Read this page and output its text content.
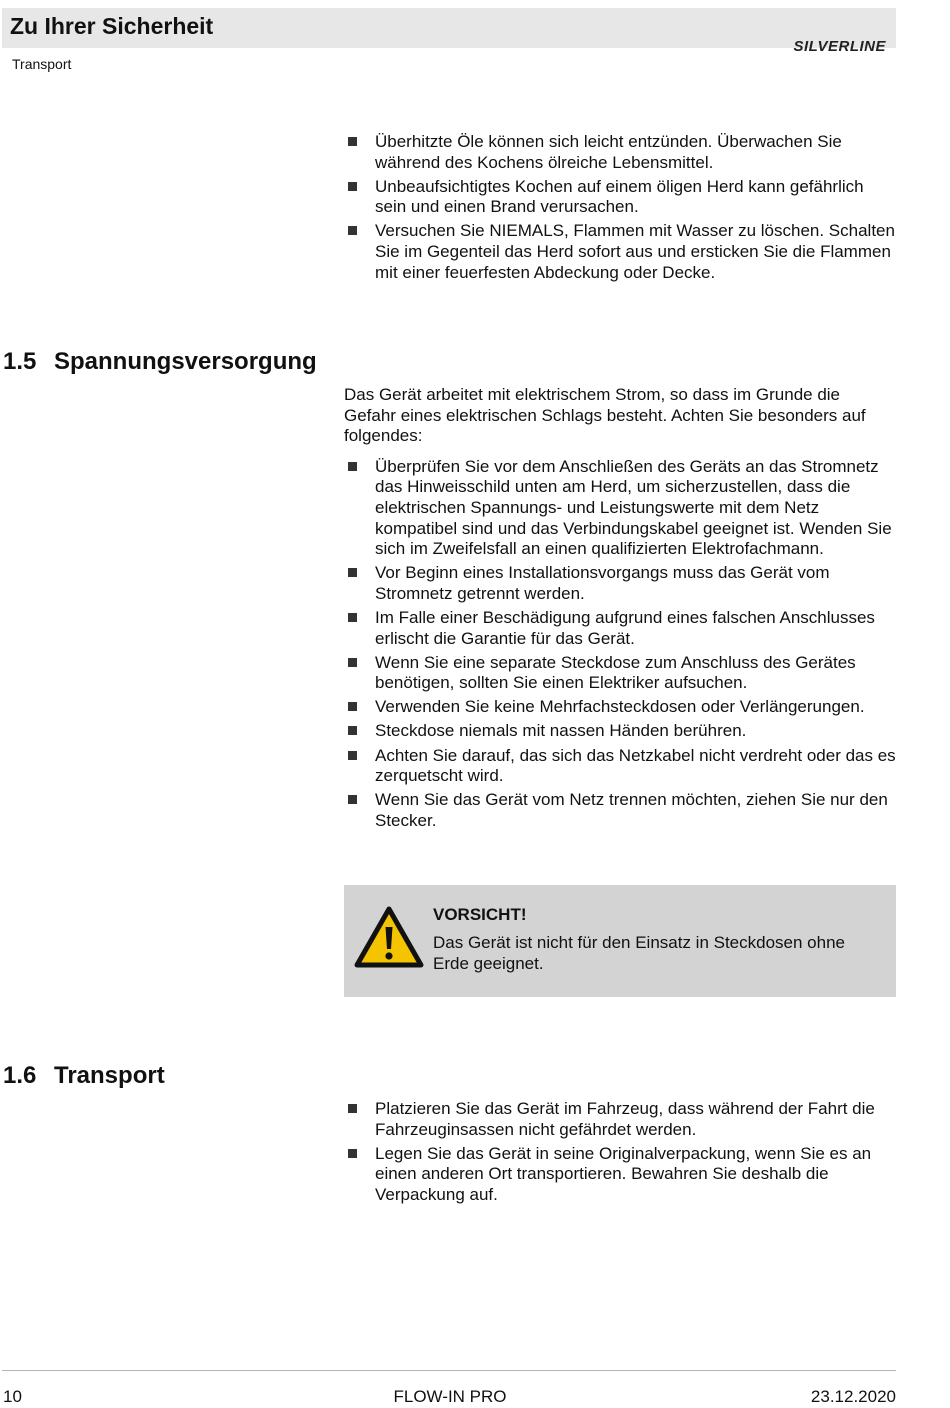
Zu Ihrer Sicherheit
SILVERLINE
Transport
Überhitzte Öle können sich leicht entzünden. Überwachen Sie während des Kochens ölreiche Lebensmittel.
Unbeaufsichtigtes Kochen auf einem öligen Herd kann gefährlich sein und einen Brand verursachen.
Versuchen Sie NIEMALS, Flammen mit Wasser zu löschen. Schalten Sie im Gegenteil das Herd sofort aus und ersticken Sie die Flammen mit einer feuerfesten Abdeckung oder Decke.
1.5 Spannungsversorgung

Das Gerät arbeitet mit elektrischem Strom, so dass im Grunde die Gefahr eines elektrischen Schlags besteht. Achten Sie besonders auf folgendes:

Überprüfen Sie vor dem Anschließen des Geräts an das Stromnetz das Hinweisschild unten am Herd, um sicherzustellen, dass die elektrischen Spannungs- und Leistungswerte mit dem Netz kompatibel sind und das Verbindungskabel geeignet ist. Wenden Sie sich im Zweifelsfall an einen qualifizierten Elektrofachmann.
Vor Beginn eines Installationsvorgangs muss das Gerät vom Stromnetz getrennt werden.
Im Falle einer Beschädigung aufgrund eines falschen Anschlusses erlischt die Garantie für das Gerät.
Wenn Sie eine separate Steckdose zum Anschluss des Gerätes benötigen, sollten Sie einen Elektriker aufsuchen.
Verwenden Sie keine Mehrfachsteckdosen oder Verlängerungen.
Steckdose niemals mit nassen Händen berühren.
Achten Sie darauf, das sich das Netzkabel nicht verdreht oder das es zerquetscht wird.
Wenn Sie das Gerät vom Netz trennen möchten, ziehen Sie nur den Stecker.
VORSICHT!
Das Gerät ist nicht für den Einsatz in Steckdosen ohne Erde geeignet.
1.6 Transport
Platzieren Sie das Gerät im Fahrzeug, dass während der Fahrt die Fahrzeuginsassen nicht gefährdet werden.
Legen Sie das Gerät in seine Originalverpackung, wenn Sie es an einen anderen Ort transportieren. Bewahren Sie deshalb die Verpackung auf.
10	FLOW-IN PRO	23.12.2020
